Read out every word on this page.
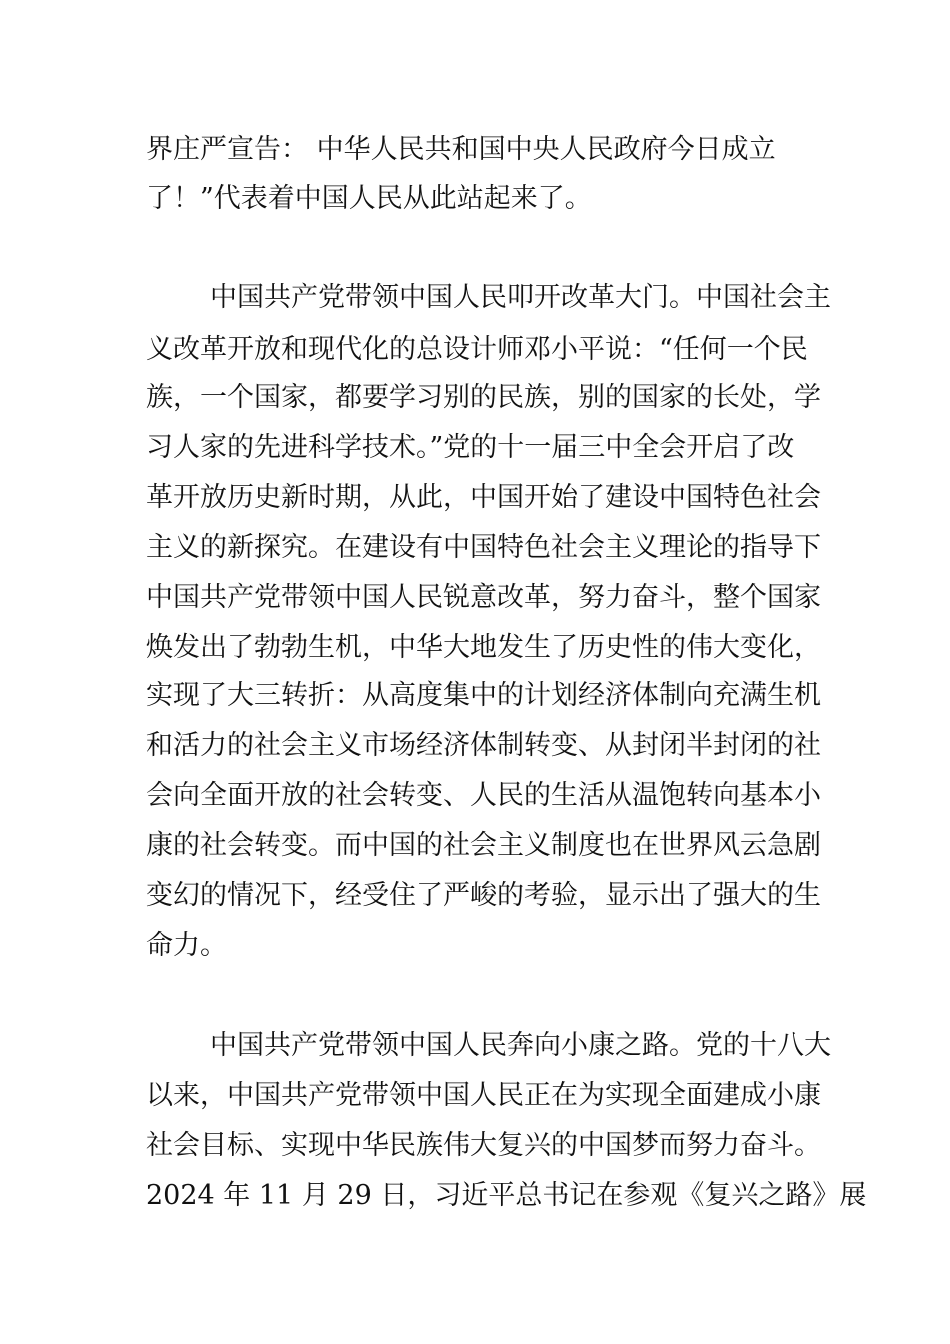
界庄严宣告： 中华人民共和国中央人民政府今日成立
了！”代表着中国人民从此站起来了。
中国共产党带领中国人民叩开改革大门。中国社会主
义改革开放和现代化的总设计师邓小平说：“任何一个民
族，一个国家，都要学习别的民族，别的国家的长处，学
习人家的先进科学技术。”党的十一届三中全会开启了改
革开放历史新时期，从此，中国开始了建设中国特色社会
主义的新探究。在建设有中国特色社会主义理论的指导下
中国共产党带领中国人民锐意改革，努力奋斗，整个国家
焕发出了勃勃生机，中华大地发生了历史性的伟大变化，
实现了大三转折：从高度集中的计划经济体制向充满生机
和活力的社会主义市场经济体制转变、从封闭半封闭的社
会向全面开放的社会转变、人民的生活从温饱转向基本小
康的社会转变。而中国的社会主义制度也在世界风云急剧
变幻的情况下，经受住了严峻的考验，显示出了强大的生
命力。
中国共产党带领中国人民奔向小康之路。党的十八大
以来，中国共产党带领中国人民正在为实现全面建成小康
社会目标、实现中华民族伟大复兴的中国梦而努力奋斗。
2024 年 11 月 29 日，习近平总书记在参观《复兴之路》展
